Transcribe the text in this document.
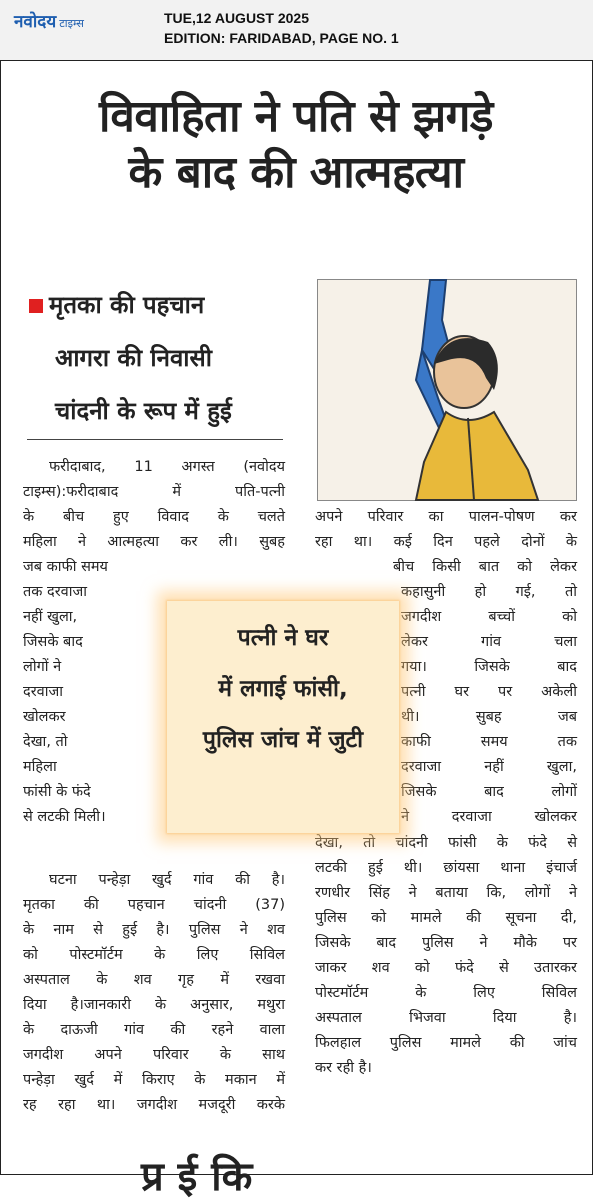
नवोदय टाइम्स	TUE,12 AUGUST 2025
EDITION: FARIDABAD, PAGE NO. 1
विवाहिता ने पति से झगड़े
के बाद की आत्महत्या
मृतका की पहचान
आगरा की निवासी
चांदनी के रूप में हुई
फरीदाबाद, 11 अगस्त (नवोदय
टाइम्स):फरीदाबाद में पति-पत्नी
के बीच हुए विवाद के चलते
महिला ने आत्महत्या कर ली। सुबह
जब काफी समय
तक दरवाजा
नहीं खुला,
जिसके बाद
लोगों ने
दरवाजा
खोलकर
देखा, तो
महिला
फांसी के फंदे
से लटकी मिली।
घटना पन्हेड़ा खुर्द गांव की है।
मृतका की पहचान चांदनी (37)
के नाम से हुई है। पुलिस ने शव
को पोस्टमॉर्टम के लिए सिविल
अस्पताल के शव गृह में रखवा
दिया है।जानकारी के अनुसार, मथुरा
के दाऊजी गांव की रहने वाला
जगदीश अपने परिवार के साथ
पन्हेड़ा खुर्द में किराए के मकान में
रह रहा था। जगदीश मजदूरी करके
अपने परिवार का पालन-पोषण कर
रहा था। कई दिन पहले दोनों के
बीच किसी बात को लेकर
कहासुनी हो गई, तो
जगदीश बच्चों को
लेकर गांव चला
गया। जिसके बाद
पत्नी घर पर अकेली
थी। सुबह जब
काफी समय तक
दरवाजा नहीं खुला,
जिसके बाद लोगों
ने दरवाजा खोलकर
देखा, तो चांदनी फांसी के फंदे से
लटकी हुई थी। छांयसा थाना इंचार्ज
रणधीर सिंह ने बताया कि, लोगों ने
पुलिस को मामले की सूचना दी,
जिसके बाद पुलिस ने मौके पर
जाकर शव को फंदे से उतारकर
पोस्टमॉर्टम के लिए सिविल
अस्पताल भिजवा दिया है।
फिलहाल पुलिस मामले की जांच
कर रही है।
पत्नी ने घर
में लगाई फांसी,
पुलिस जांच में जुटी
प्र ई कि
